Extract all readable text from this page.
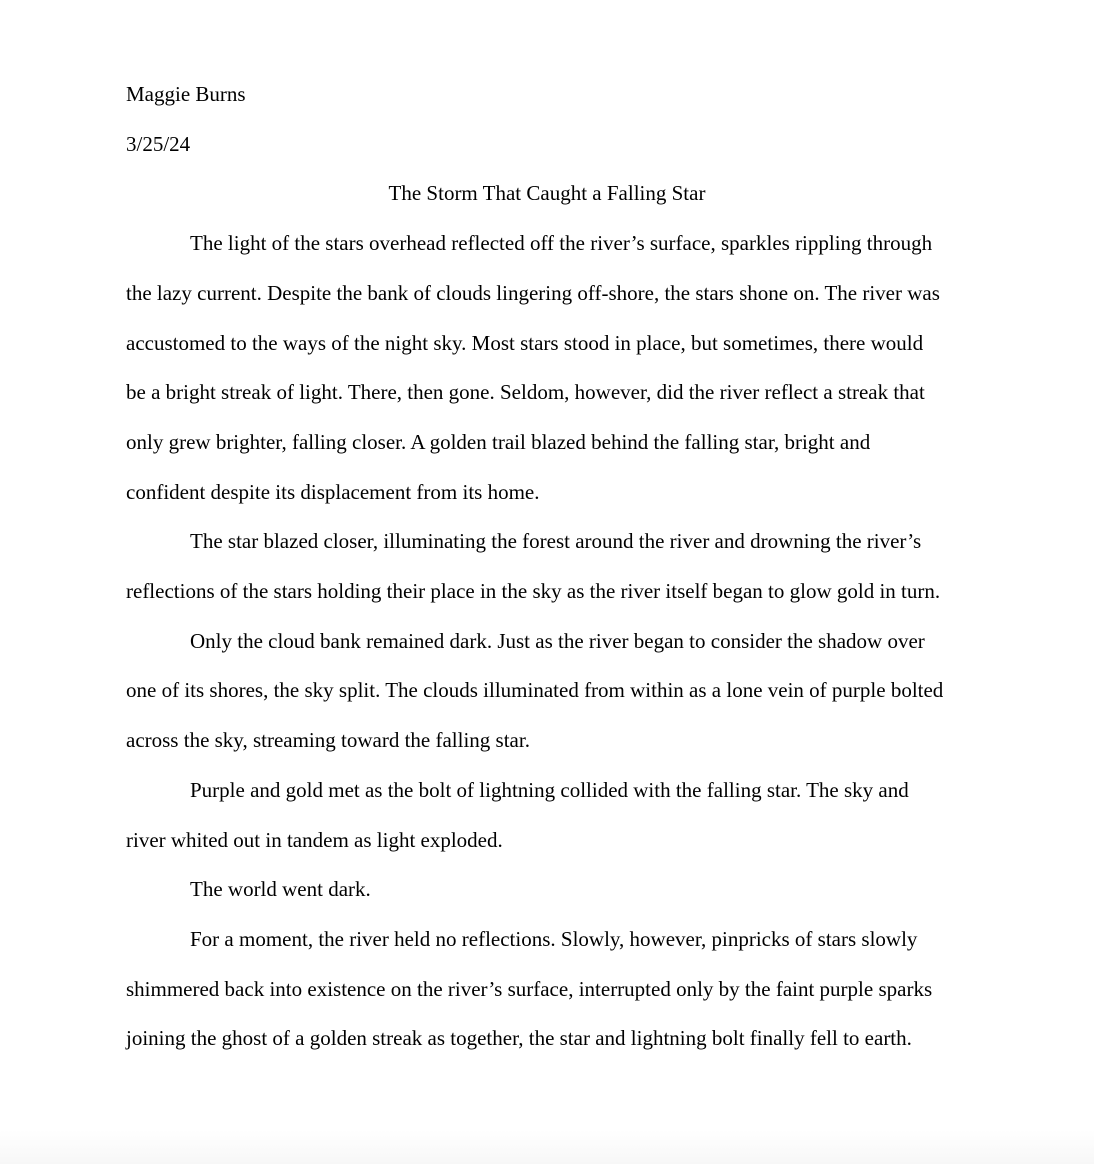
Maggie Burns

3/25/24

The Storm That Caught a Falling Star

The light of the stars overhead reflected off the river’s surface, sparkles rippling through

the lazy current. Despite the bank of clouds lingering off-shore, the stars shone on. The river was

accustomed to the ways of the night sky. Most stars stood in place, but sometimes, there would

be a bright streak of light. There, then gone. Seldom, however, did the river reflect a streak that

only grew brighter, falling closer. A golden trail blazed behind the falling star, bright and

confident despite its displacement from its home.

The star blazed closer, illuminating the forest around the river and drowning the river’s

reflections of the stars holding their place in the sky as the river itself began to glow gold in turn.

Only the cloud bank remained dark. Just as the river began to consider the shadow over

one of its shores, the sky split. The clouds illuminated from within as a lone vein of purple bolted

across the sky, streaming toward the falling star.

Purple and gold met as the bolt of lightning collided with the falling star. The sky and

river whited out in tandem as light exploded.

The world went dark.

For a moment, the river held no reflections. Slowly, however, pinpricks of stars slowly

shimmered back into existence on the river’s surface, interrupted only by the faint purple sparks

joining the ghost of a golden streak as together, the star and lightning bolt finally fell to earth.
